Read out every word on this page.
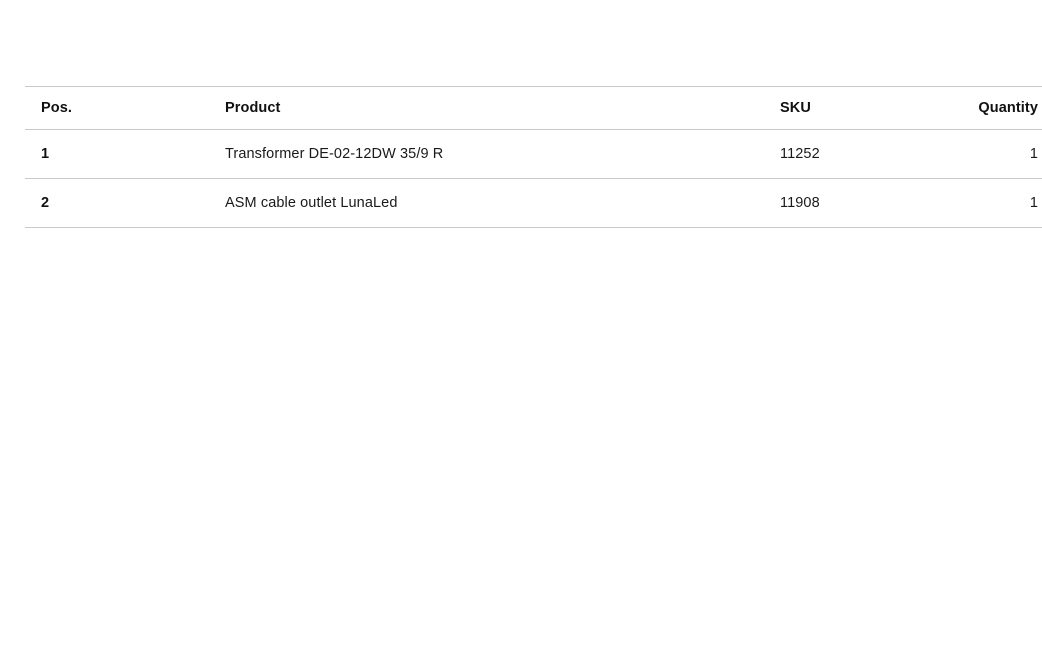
Pos.	Product	SKU	Quantity
1	Transformer DE-02-12DW 35/9 R	11252	1
2	ASM cable outlet LunaLed	11908	1
